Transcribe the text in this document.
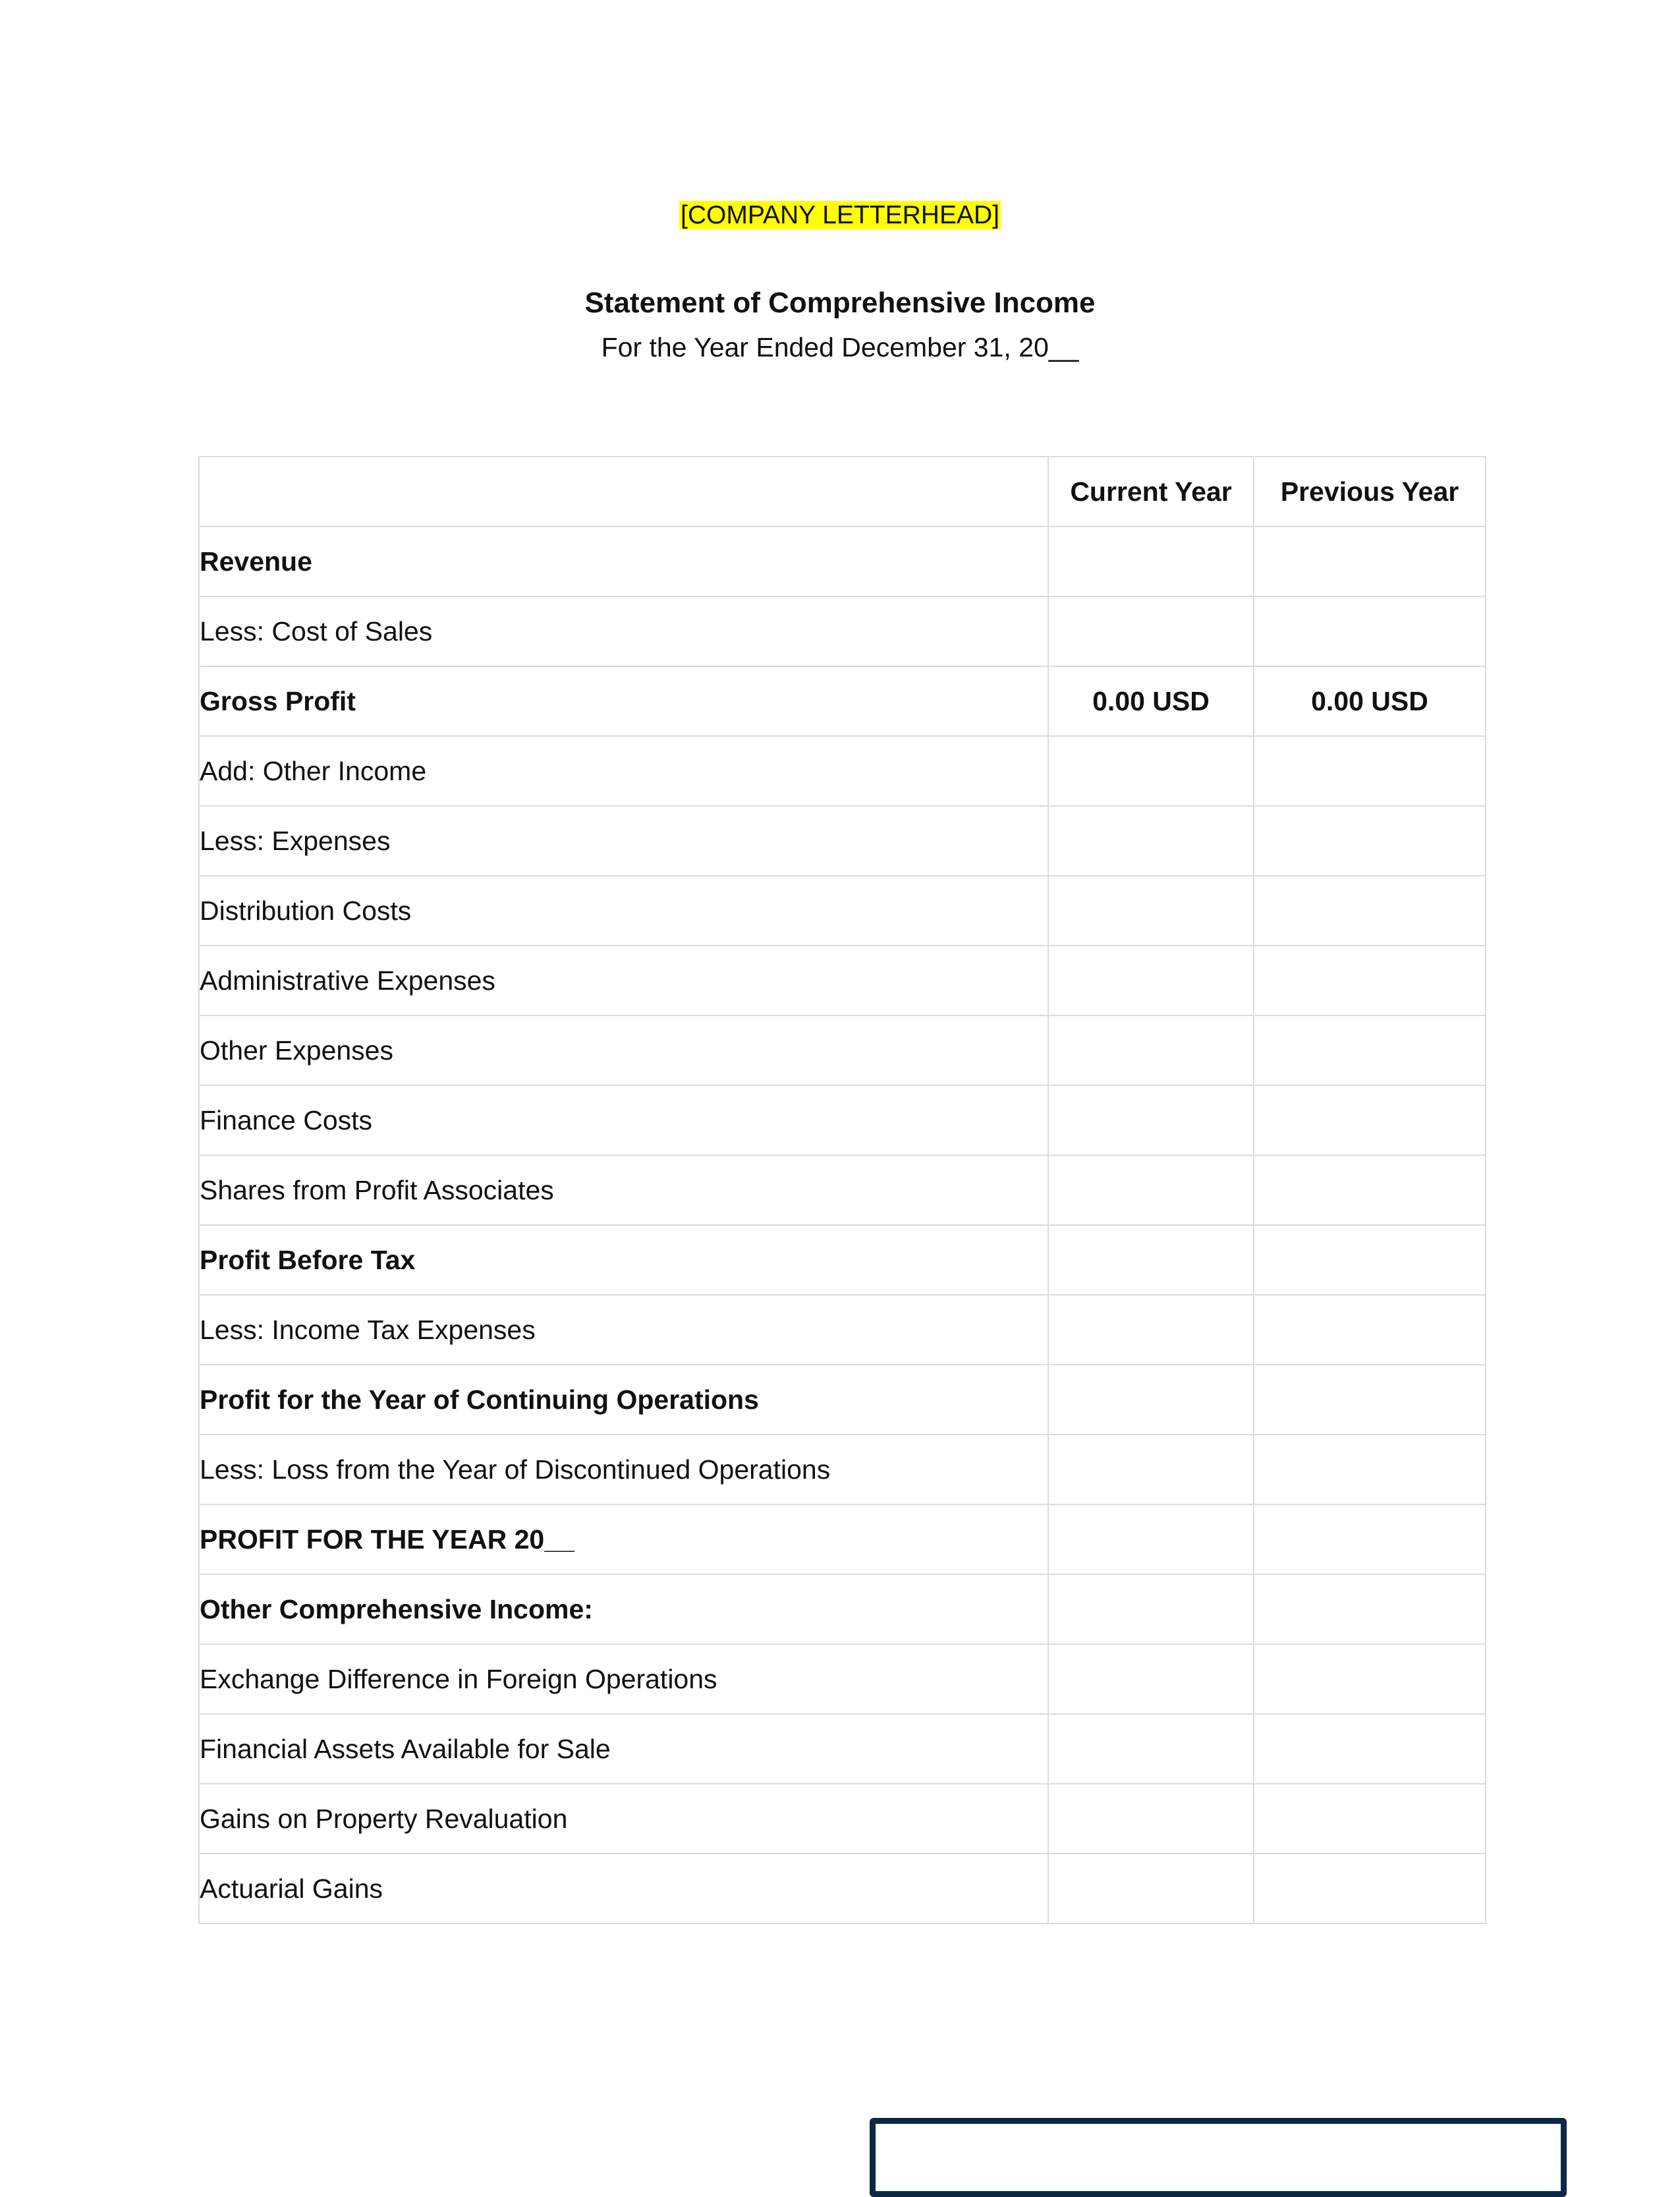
[COMPANY LETTERHEAD]
Statement of Comprehensive Income
For the Year Ended December 31, 20__
	Current Year	Previous Year
Revenue		
Less: Cost of Sales		
Gross Profit	0.00 USD	0.00 USD
Add: Other Income		
Less: Expenses		
Distribution Costs		
Administrative Expenses		
Other Expenses		
Finance Costs		
Shares from Profit Associates		
Profit Before Tax		
Less: Income Tax Expenses		
Profit for the Year of Continuing Operations		
Less: Loss from the Year of Discontinued Operations		
PROFIT FOR THE YEAR 20__		
Other Comprehensive Income:		
Exchange Difference in Foreign Operations		
Financial Assets Available for Sale		
Gains on Property Revaluation		
Actuarial Gains		
